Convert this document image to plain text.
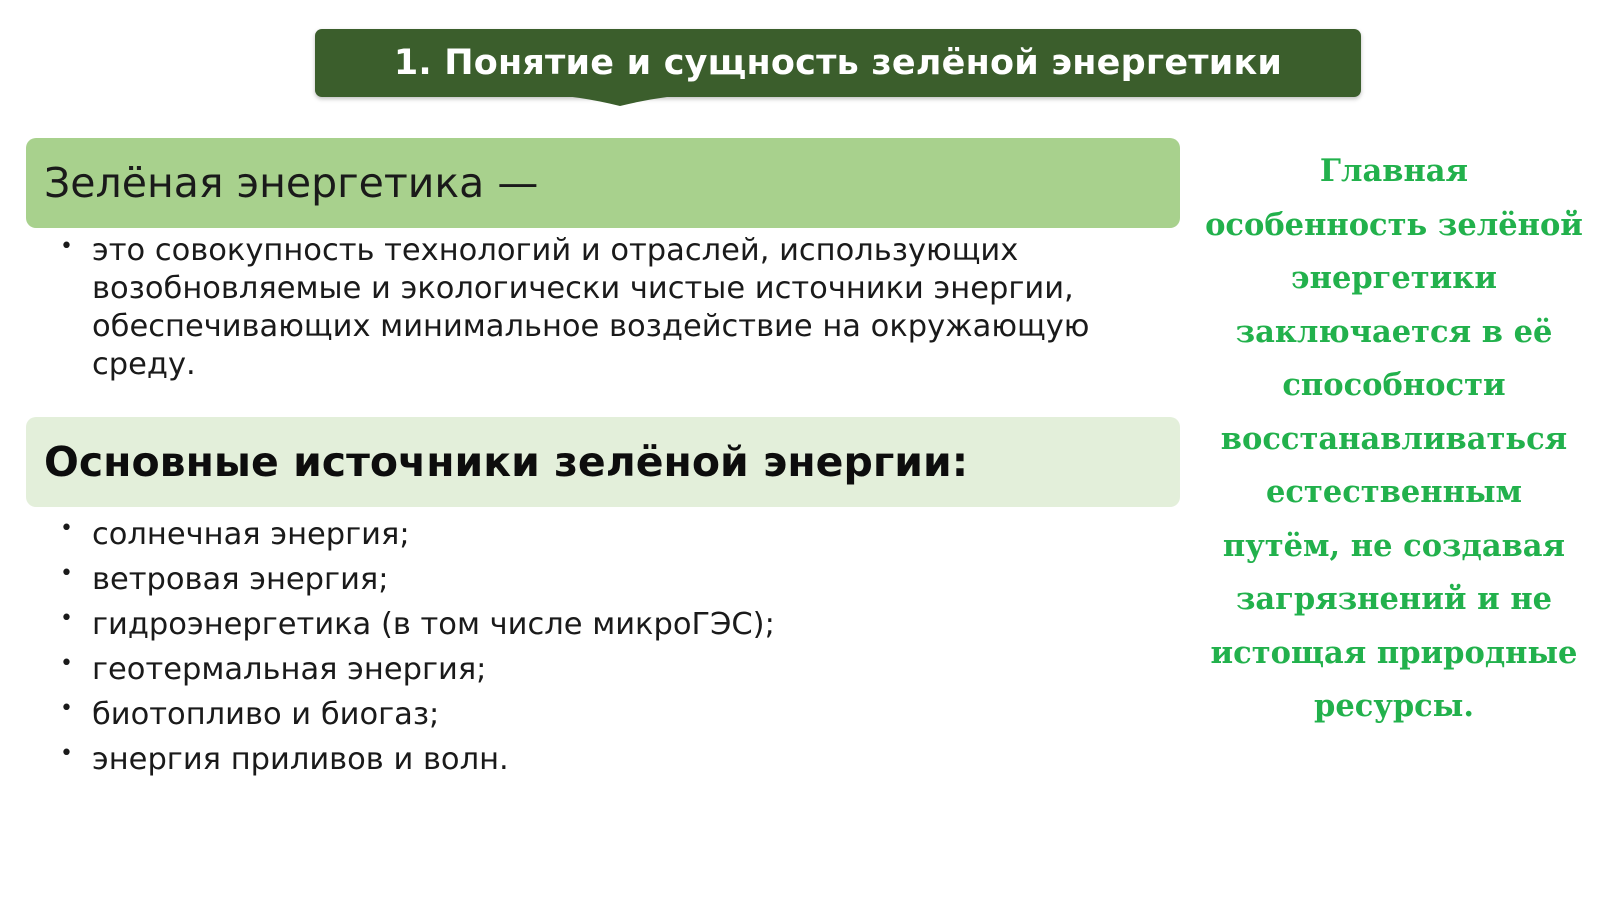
1. Понятие и сущность зелёной энергетики
Зелёная энергетика —
• это совокупность технологий и отраслей, использующих возобновляемые и экологически чистые источники энергии, обеспечивающих минимальное воздействие на окружающую среду.
Основные источники зелёной энергии:
• солнечная энергия;
• ветровая энергия;
• гидроэнергетика (в том числе микроГЭС);
• геотермальная энергия;
• биотопливо и биогаз;
• энергия приливов и волн.
Главная особенность зелёной энергетики заключается в её способности восстанавливаться естественным путём, не создавая загрязнений и не истощая природные ресурсы.
